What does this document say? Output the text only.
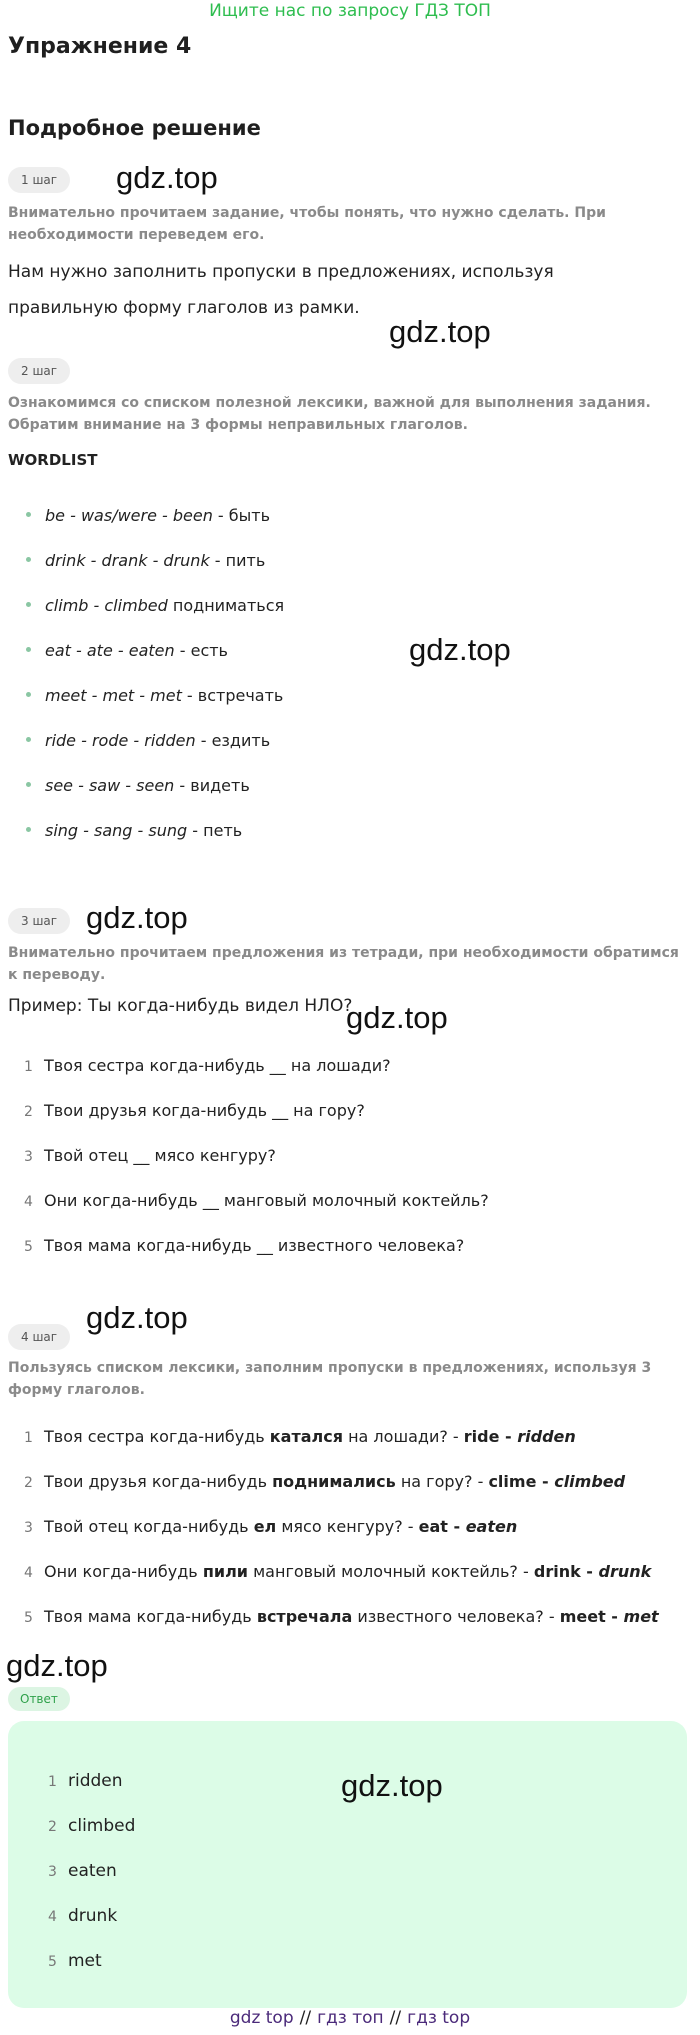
Ищите нас по запросу ГДЗ ТОП
Упражнение 4
Подробное решение
1 шаг	gdz.top
Внимательно прочитаем задание, чтобы понять, что нужно сделать. При необходимости переведем его.
Нам нужно заполнить пропуски в предложениях, используя правильную форму глаголов из рамки.
gdz.top
2 шаг
Ознакомимся со списком полезной лексики, важной для выполнения задания. Обратим внимание на 3 формы неправильных глаголов.
WORDLIST
be - was/were - been - быть
drink - drank - drunk - пить
climb - climbed подниматься
eat - ate - eaten - есть
meet - met - met - встречать
ride - rode - ridden - ездить
see - saw - seen - видеть
sing - sang - sung - петь
gdz.top
3 шаг gdz.top
Внимательно прочитаем предложения из тетради, при необходимости обратимся к переводу.
Пример: Ты когда-нибудь видел НЛО?
gdz.top
1 Твоя сестра когда-нибудь __ на лошади?
2 Твои друзья когда-нибудь __ на гору?
3 Твой отец __ мясо кенгуру?
4 Они когда-нибудь __ манговый молочный коктейль?
5 Твоя мама когда-нибудь __ известного человека?
4 шаг
gdz.top
Пользуясь списком лексики, заполним пропуски в предложениях, используя 3 форму глаголов.
1 Твоя сестра когда-нибудь катался на лошади? - ride - ridden
2 Твои друзья когда-нибудь поднимались на гору? - clime - climbed
3 Твой отец когда-нибудь ел мясо кенгуру? - eat - eaten
4 Они когда-нибудь пили манговый молочный коктейль? - drink - drunk
5 Твоя мама когда-нибудь встречала известного человека? - meet - met
gdz.top
Ответ
gdz.top
1 ridden
2 climbed
3 eaten
4 drunk
5 met
gdz top // гдз топ // гдз top
